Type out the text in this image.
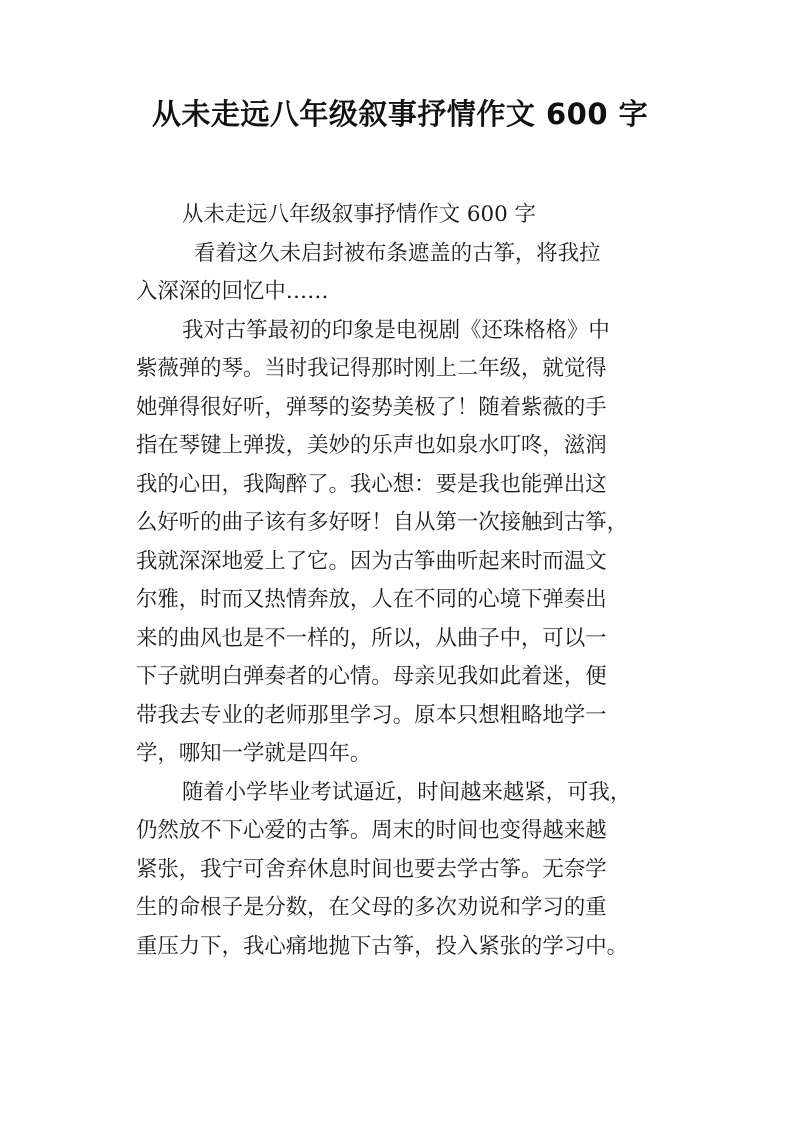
从未走远八年级叙事抒情作文 600 字
从未走远八年级叙事抒情作文 600 字
看着这久未启封被布条遮盖的古筝，将我拉
入深深的回忆中……
我对古筝最初的印象是电视剧《还珠格格》中
紫薇弹的琴。当时我记得那时刚上二年级，就觉得
她弹得很好听，弹琴的姿势美极了！随着紫薇的手
指在琴键上弹拨，美妙的乐声也如泉水叮咚，滋润
我的心田，我陶醉了。我心想：要是我也能弹出这
么好听的曲子该有多好呀！自从第一次接触到古筝，
我就深深地爱上了它。因为古筝曲听起来时而温文
尔雅，时而又热情奔放，人在不同的心境下弹奏出
来的曲风也是不一样的，所以，从曲子中，可以一
下子就明白弹奏者的心情。母亲见我如此着迷，便
带我去专业的老师那里学习。原本只想粗略地学一
学，哪知一学就是四年。
随着小学毕业考试逼近，时间越来越紧，可我，
仍然放不下心爱的古筝。周末的时间也变得越来越
紧张，我宁可舍弃休息时间也要去学古筝。无奈学
生的命根子是分数，在父母的多次劝说和学习的重
重压力下，我心痛地抛下古筝，投入紧张的学习中。
